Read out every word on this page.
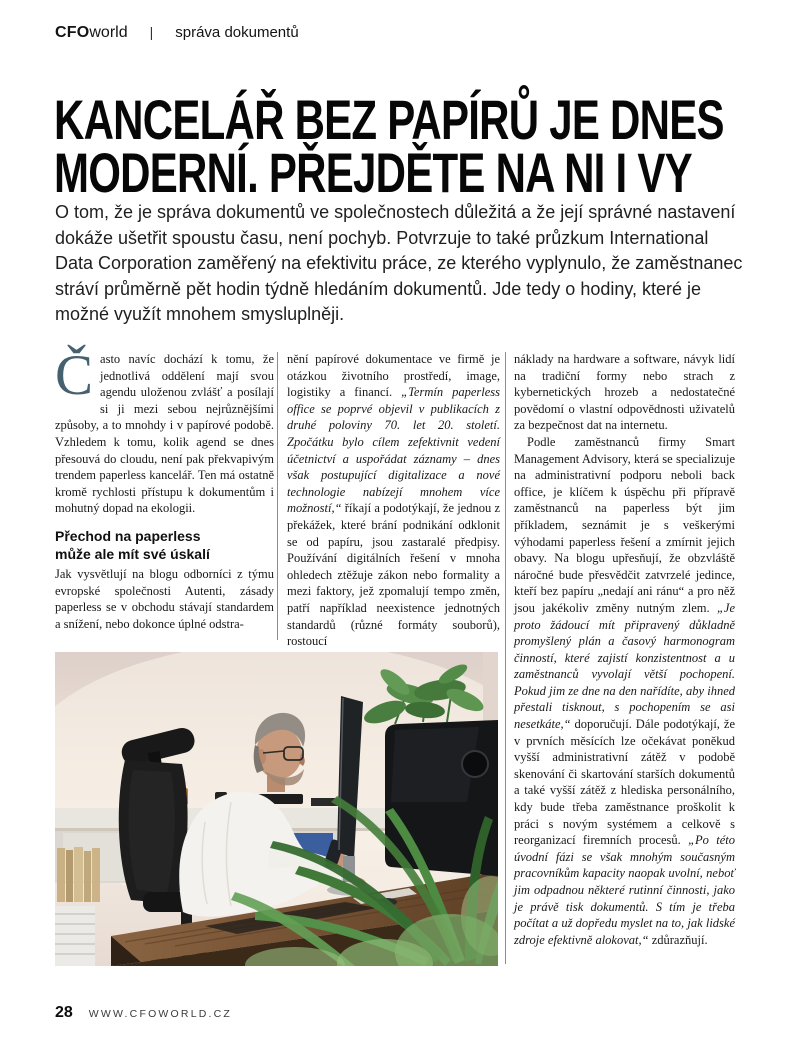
CFOworld | správa dokumentů
KANCELÁŘ BEZ PAPÍRŮ JE DNES
MODERNÍ. PŘEJDĚTE NA NI I VY

O tom, že je správa dokumentů ve společnostech důležitá a že její správné nastavení dokáže ušetřit spoustu času, není pochyb. Potvrzuje to také průzkum International Data Corporation zaměřený na efektivitu práce, ze kterého vyplynulo, že zaměstnanec stráví průměrně pět hodin týdně hledáním dokumentů. Jde tedy o hodiny, které je možné využít mnohem smysluplněji.

Často navíc dochází k tomu, že jednotlivá oddělení mají svou agendu uloženou zvlášť a posílají si ji mezi sebou nejrůznějšími způsoby, a to mnohdy i v papírové podobě. Vzhledem k tomu, kolik agend se dnes přesouvá do cloudu, není pak překvapivým trendem paperless kancelář. Ten má ostatně kromě rychlosti přístupu k dokumentům i mohutný dopad na ekologii.

Přechod na paperless
může ale mít své úskalí

Jak vysvětlují na blogu odborníci z týmu evropské společnosti Autenti, zásady paperless se v obchodu stávají standardem a snížení, nebo dokonce úplné odstra-

nění papírové dokumentace ve firmě je otázkou životního prostředí, image, logistiky a financí. „Termín paperless office se poprvé objevil v publikacích z druhé poloviny 70. let 20. století. Zpočátku bylo cílem zefektivnit vedení účetnictví a uspořádat záznamy – dnes však postupující digitalizace a nové technologie nabízejí mnohem více možností,“ říkají a podotýkají, že jednou z překážek, které brání podnikání odklonit se od papíru, jsou zastaralé předpisy. Používání digitálních řešení v mnoha ohledech ztěžuje zákon nebo formality a mezi faktory, jež zpomalují tempo změn, patří například neexistence jednotných standardů (různé formáty souborů), rostoucí

náklady na hardware a software, návyk lidí na tradiční formy nebo strach z kybernetických hrozeb a nedostatečné povědomí o vlastní odpovědnosti uživatelů za bezpečnost dat na internetu.

Podle zaměstnanců firmy Smart Management Advisory, která se specializuje na administrativní podporu neboli back office, je klíčem k úspěchu při přípravě zaměstnanců na paperless být jim příkladem, seznámit je s veškerými výhodami paperless řešení a zmírnit jejich obavy. Na blogu upřesňují, že obzvláště náročné bude přesvědčit zatvrzelé jedince, kteří bez papíru „nedají ani ránu“ a pro něž jsou jakékoliv změny nutným zlem. „Je proto žádoucí mít připravený důkladně promyšlený plán a časový harmonogram činností, které zajistí konzistentnost a u zaměstnanců vyvolají větší pochopení. Pokud jim ze dne na den nařídíte, aby ihned přestali tisknout, s pochopením se asi nesetkáte,“ doporučují. Dále podotýkají, že v prvních měsících lze očekávat poněkud vyšší administrativní zátěž v podobě skenování či skartování starších dokumentů a také vyšší zátěž z hlediska personálního, kdy bude třeba zaměstnance proškolit k práci s novým systémem a celkově s reorganizací firemních procesů. „Po této úvodní fázi se však mnohým současným pracovníkům kapacity naopak uvolní, neboť jim odpadnou některé rutinní činnosti, jako je právě tisk dokumentů. S tím je třeba počítat a už dopředu myslet na to, jak lidské zdroje efektivně alokovat,“ zdůrazňují.

28 WWW.CFOWORLD.CZ
